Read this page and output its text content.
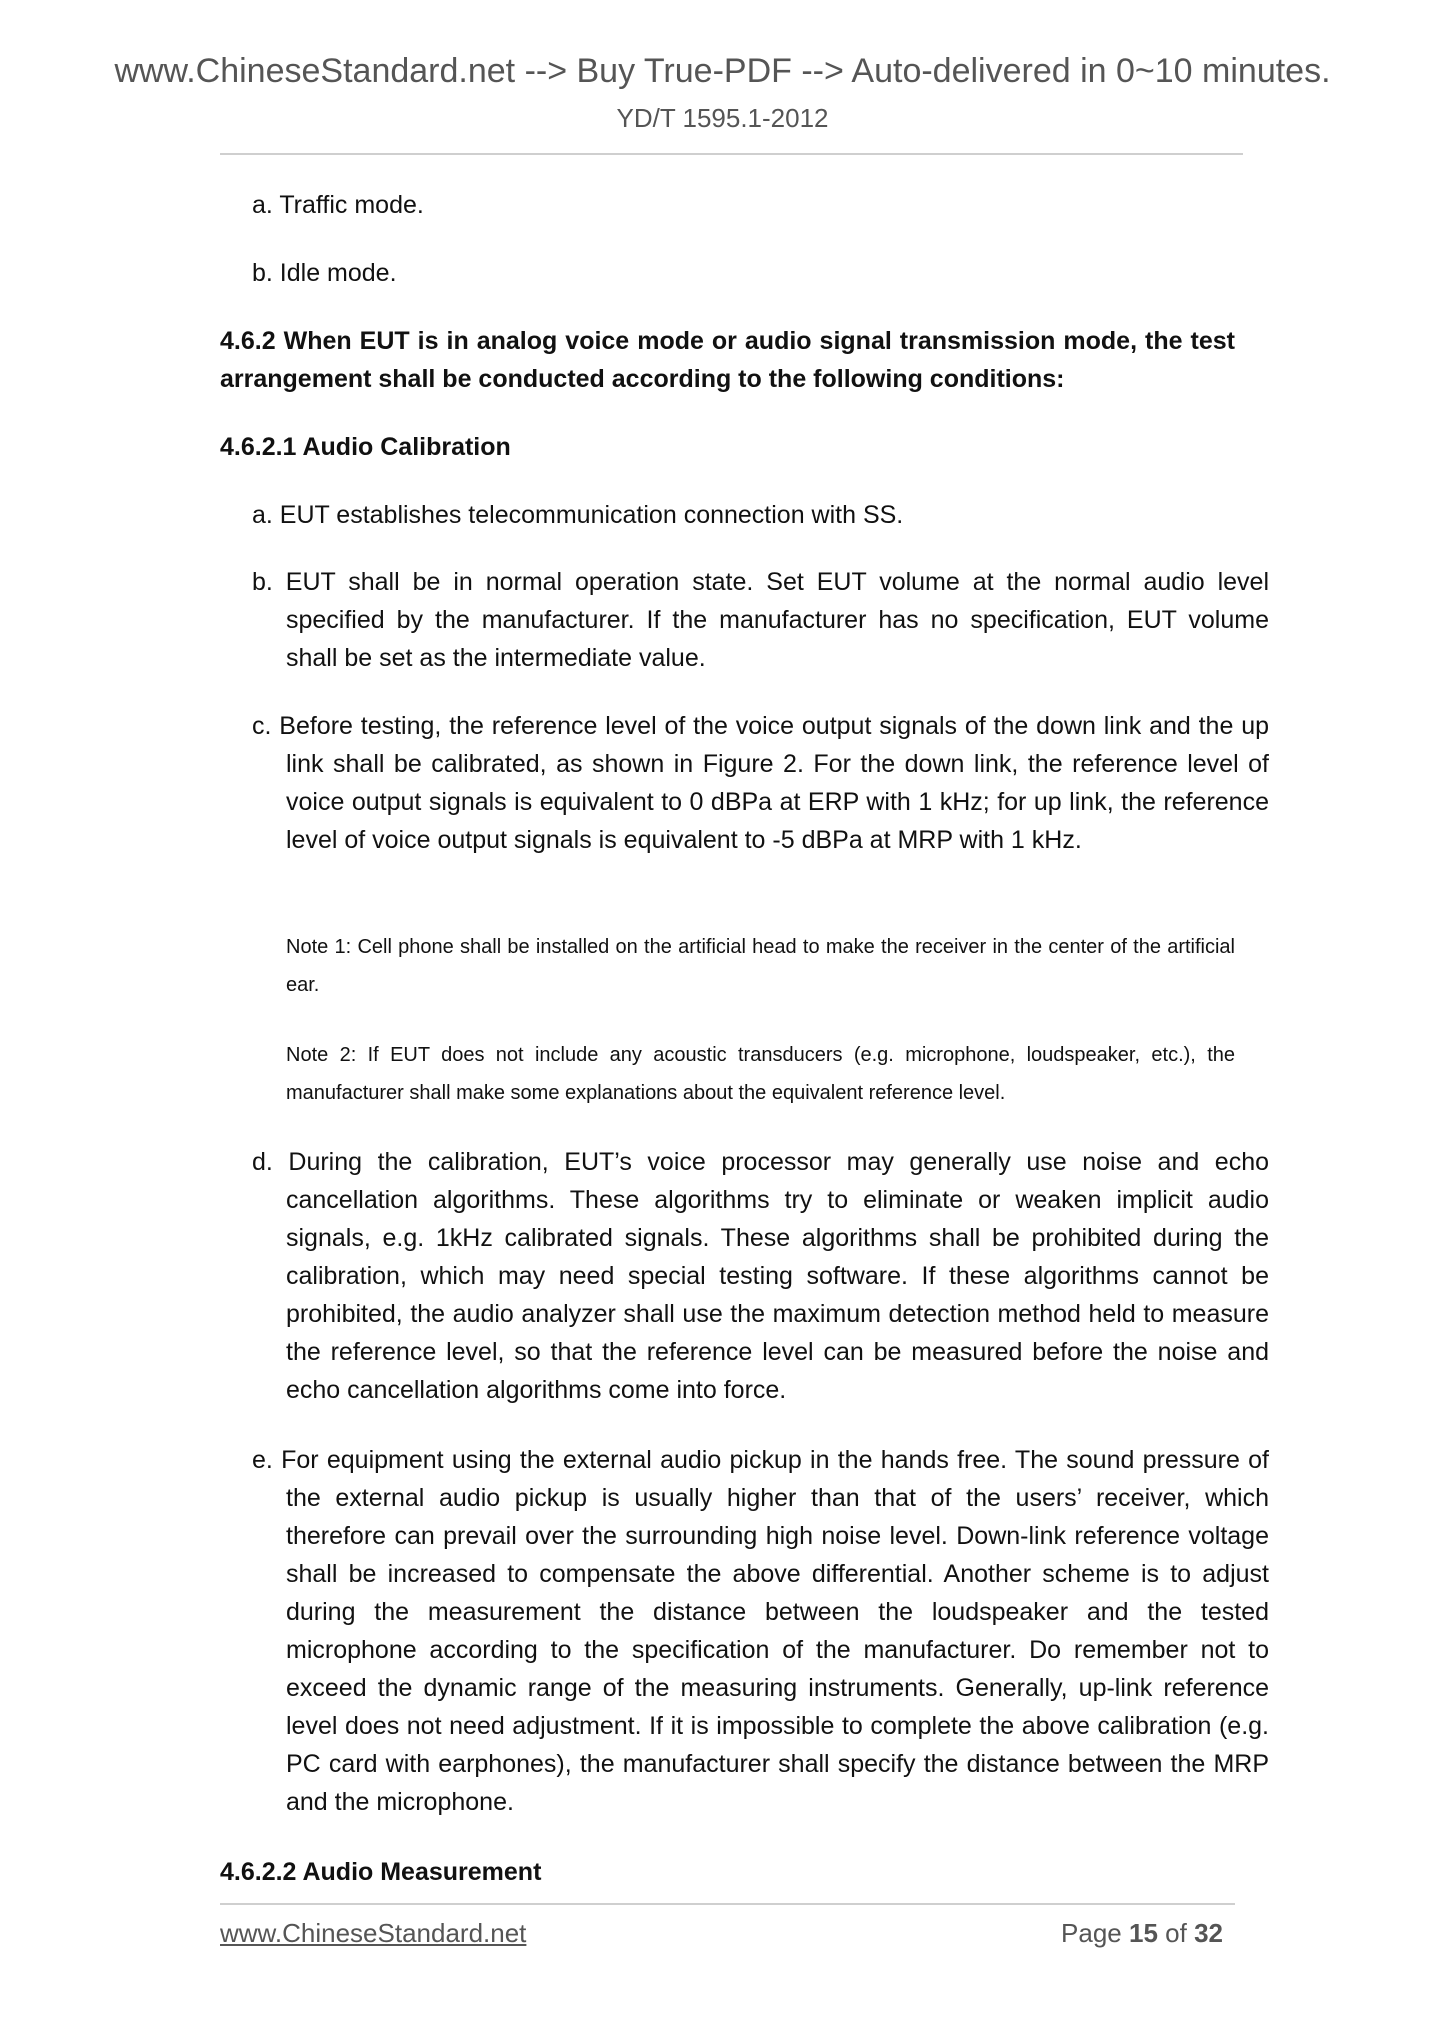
www.ChineseStandard.net --> Buy True-PDF --> Auto-delivered in 0~10 minutes.
YD/T 1595.1-2012

a. Traffic mode.

b. Idle mode.

4.6.2 When EUT is in analog voice mode or audio signal transmission mode, the test arrangement shall be conducted according to the following conditions:

4.6.2.1 Audio Calibration

a. EUT establishes telecommunication connection with SS.

b. EUT shall be in normal operation state. Set EUT volume at the normal audio level specified by the manufacturer. If the manufacturer has no specification, EUT volume shall be set as the intermediate value.

c. Before testing, the reference level of the voice output signals of the down link and the up link shall be calibrated, as shown in Figure 2. For the down link, the reference level of voice output signals is equivalent to 0 dBPa at ERP with 1 kHz; for up link, the reference level of voice output signals is equivalent to -5 dBPa at MRP with 1 kHz.

Note 1: Cell phone shall be installed on the artificial head to make the receiver in the center of the artificial ear.

Note 2: If EUT does not include any acoustic transducers (e.g. microphone, loudspeaker, etc.), the manufacturer shall make some explanations about the equivalent reference level.

d. During the calibration, EUT’s voice processor may generally use noise and echo cancellation algorithms. These algorithms try to eliminate or weaken implicit audio signals, e.g. 1kHz calibrated signals. These algorithms shall be prohibited during the calibration, which may need special testing software. If these algorithms cannot be prohibited, the audio analyzer shall use the maximum detection method held to measure the reference level, so that the reference level can be measured before the noise and echo cancellation algorithms come into force.

e. For equipment using the external audio pickup in the hands free. The sound pressure of the external audio pickup is usually higher than that of the users’ receiver, which therefore can prevail over the surrounding high noise level. Down-link reference voltage shall be increased to compensate the above differential. Another scheme is to adjust during the measurement the distance between the loudspeaker and the tested microphone according to the specification of the manufacturer. Do remember not to exceed the dynamic range of the measuring instruments. Generally, up-link reference level does not need adjustment. If it is impossible to complete the above calibration (e.g. PC card with earphones), the manufacturer shall specify the distance between the MRP and the microphone.

4.6.2.2 Audio Measurement

www.ChineseStandard.net	Page 15 of 32
